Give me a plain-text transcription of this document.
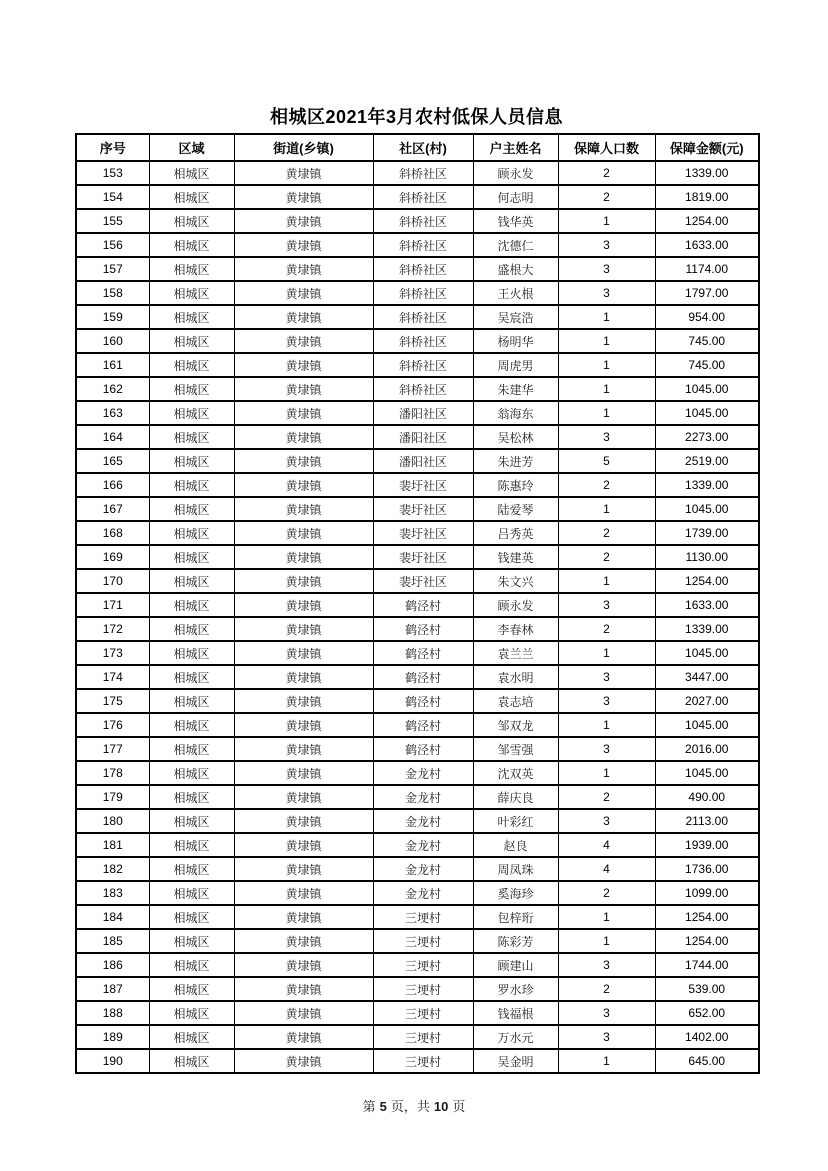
相城区2021年3月农村低保人员信息
序号	区域	街道(乡镇)	社区(村)	户主姓名	保障人口数	保障金额(元)
153	相城区	黄埭镇	斜桥社区	顾永发	2	1339.00
154	相城区	黄埭镇	斜桥社区	何志明	2	1819.00
155	相城区	黄埭镇	斜桥社区	钱华英	1	1254.00
156	相城区	黄埭镇	斜桥社区	沈德仁	3	1633.00
157	相城区	黄埭镇	斜桥社区	盛根大	3	1174.00
158	相城区	黄埭镇	斜桥社区	王火根	3	1797.00
159	相城区	黄埭镇	斜桥社区	吴宸浩	1	954.00
160	相城区	黄埭镇	斜桥社区	杨明华	1	745.00
161	相城区	黄埭镇	斜桥社区	周虎男	1	745.00
162	相城区	黄埭镇	斜桥社区	朱建华	1	1045.00
163	相城区	黄埭镇	潘阳社区	翁海东	1	1045.00
164	相城区	黄埭镇	潘阳社区	吴松林	3	2273.00
165	相城区	黄埭镇	潘阳社区	朱进芳	5	2519.00
166	相城区	黄埭镇	裴圩社区	陈惠玲	2	1339.00
167	相城区	黄埭镇	裴圩社区	陆爱琴	1	1045.00
168	相城区	黄埭镇	裴圩社区	吕秀英	2	1739.00
169	相城区	黄埭镇	裴圩社区	钱建英	2	1130.00
170	相城区	黄埭镇	裴圩社区	朱文兴	1	1254.00
171	相城区	黄埭镇	鹤泾村	顾永发	3	1633.00
172	相城区	黄埭镇	鹤泾村	李春林	2	1339.00
173	相城区	黄埭镇	鹤泾村	袁兰兰	1	1045.00
174	相城区	黄埭镇	鹤泾村	袁水明	3	3447.00
175	相城区	黄埭镇	鹤泾村	袁志培	3	2027.00
176	相城区	黄埭镇	鹤泾村	邹双龙	1	1045.00
177	相城区	黄埭镇	鹤泾村	邹雪强	3	2016.00
178	相城区	黄埭镇	金龙村	沈双英	1	1045.00
179	相城区	黄埭镇	金龙村	薛庆良	2	490.00
180	相城区	黄埭镇	金龙村	叶彩红	3	2113.00
181	相城区	黄埭镇	金龙村	赵良	4	1939.00
182	相城区	黄埭镇	金龙村	周凤珠	4	1736.00
183	相城区	黄埭镇	金龙村	奚海珍	2	1099.00
184	相城区	黄埭镇	三埂村	包梓珩	1	1254.00
185	相城区	黄埭镇	三埂村	陈彩芳	1	1254.00
186	相城区	黄埭镇	三埂村	顾建山	3	1744.00
187	相城区	黄埭镇	三埂村	罗水珍	2	539.00
188	相城区	黄埭镇	三埂村	钱福根	3	652.00
189	相城区	黄埭镇	三埂村	万水元	3	1402.00
190	相城区	黄埭镇	三埂村	吴金明	1	645.00
第 5 页，共 10 页
